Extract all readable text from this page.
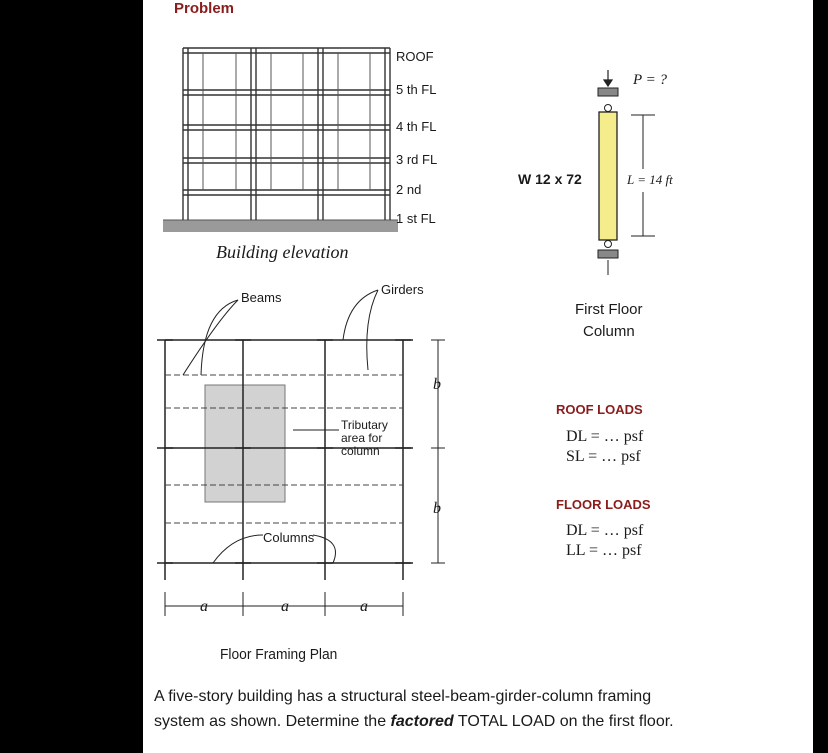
Problem
ROOF
5 th FL
4 th FL
3 rd FL
2 nd
1 st FL
Building elevation
Beams
Girders
Tributary
area for
column
Columns
b
b
a	a	a
Floor Framing Plan
P = ?
L = 14 ft
W 12 x 72
First Floor
Column
ROOF LOADS
DL = … psf
SL = … psf
FLOOR LOADS
DL = … psf
LL = … psf
A five-story building has a structural steel-beam-girder-column framing
system as shown. Determine the factored TOTAL LOAD on the first floor.
